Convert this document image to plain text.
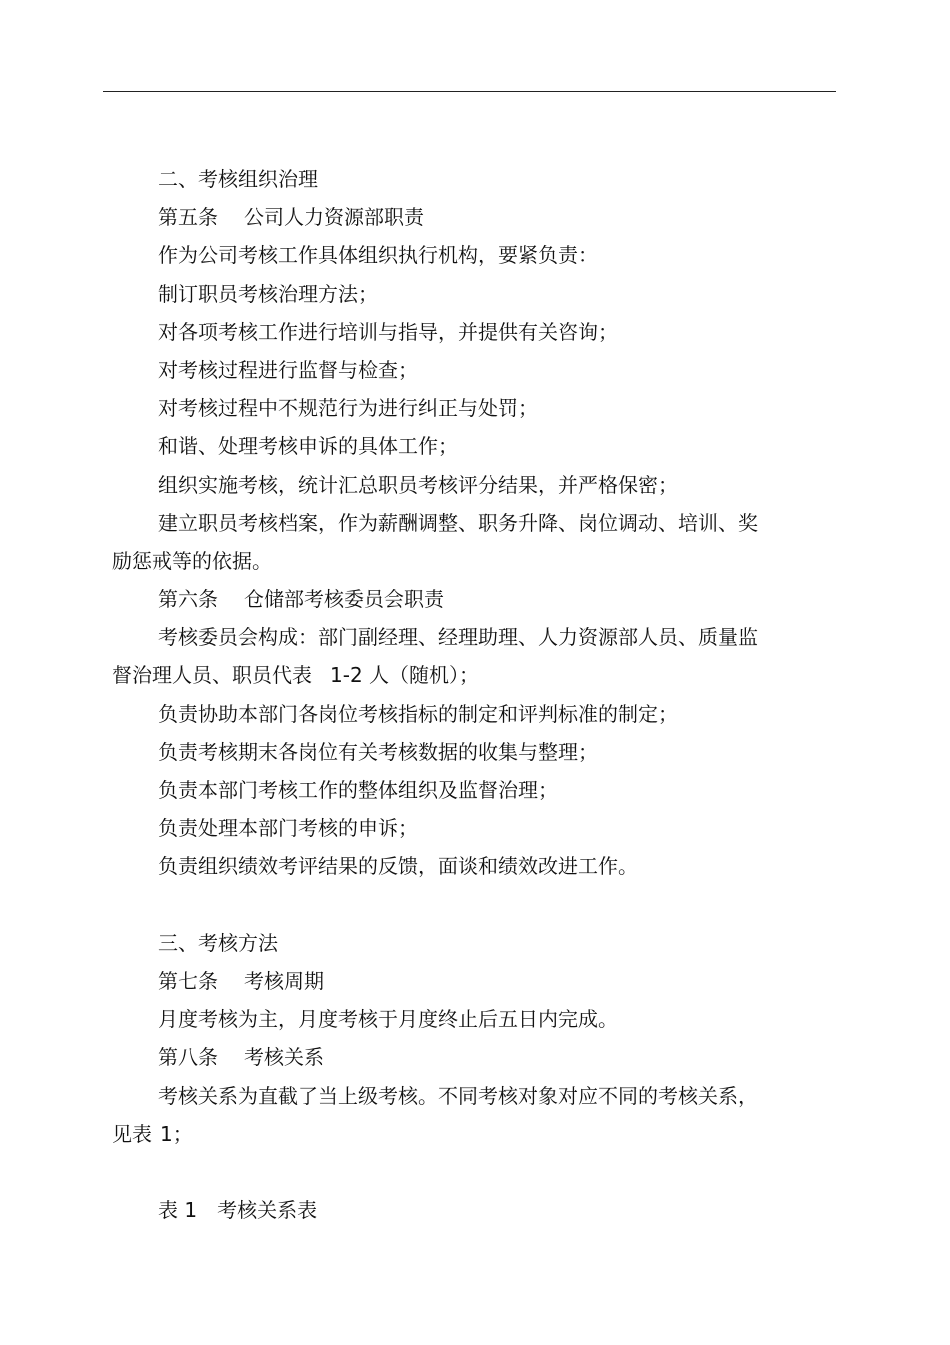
二、考核组织治理
第五条 公司人力资源部职责
作为公司考核工作具体组织执行机构，要紧负责：
制订职员考核治理方法；
对各项考核工作进行培训与指导，并提供有关咨询；
对考核过程进行监督与检查；
对考核过程中不规范行为进行纠正与处罚；
和谐、处理考核申诉的具体工作；
组织实施考核，统计汇总职员考核评分结果，并严格保密；
建立职员考核档案，作为薪酬调整、职务升降、岗位调动、培训、奖
励惩戒等的依据。
第六条 仓储部考核委员会职责
考核委员会构成：部门副经理、经理助理、人力资源部人员、质量监
督治理人员、职员代表 1-2 人（随机）；
负责协助本部门各岗位考核指标的制定和评判标准的制定；
负责考核期末各岗位有关考核数据的收集与整理；
负责本部门考核工作的整体组织及监督治理；
负责处理本部门考核的申诉；
负责组织绩效考评结果的反馈，面谈和绩效改进工作。
三、考核方法
第七条 考核周期
月度考核为主，月度考核于月度终止后五日内完成。
第八条 考核关系
考核关系为直截了当上级考核。不同考核对象对应不同的考核关系，
见表 1；
表 1 考核关系表
